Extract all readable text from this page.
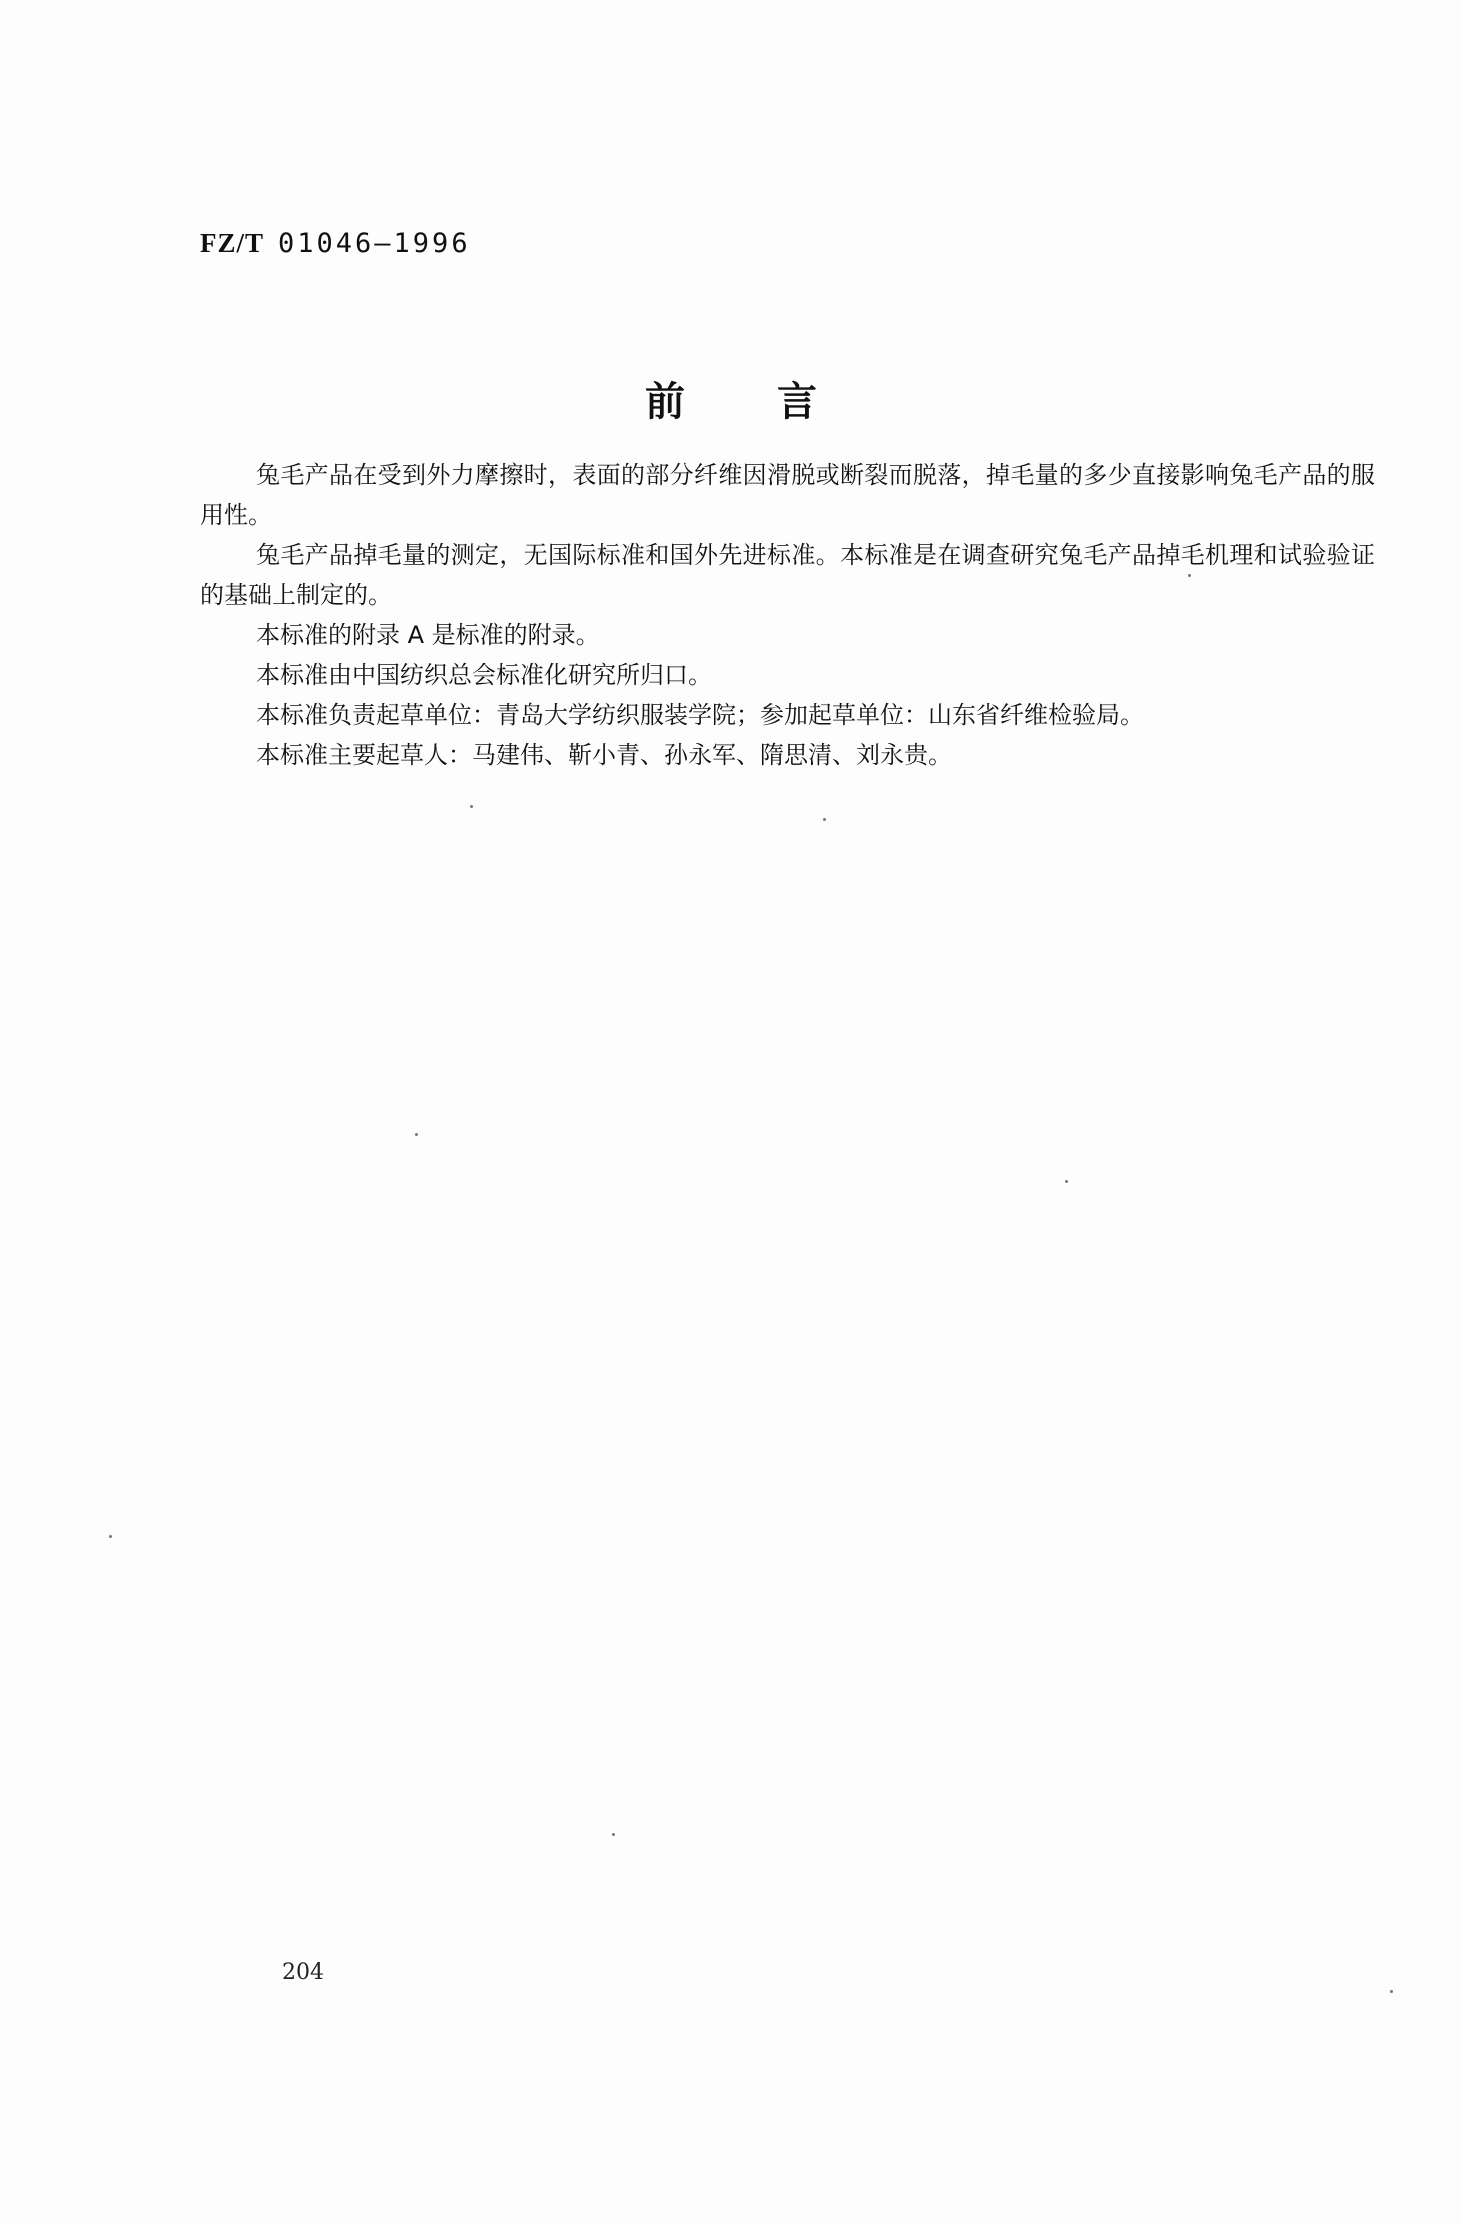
FZ/T 01046—1996
前言

兔毛产品在受到外力摩擦时，表面的部分纤维因滑脱或断裂而脱落，掉毛量的多少直接影响兔毛产品的服用性。

兔毛产品掉毛量的测定，无国际标准和国外先进标准。本标准是在调查研究兔毛产品掉毛机理和试验验证的基础上制定的。

本标准的附录 A 是标准的附录。

本标准由中国纺织总会标准化研究所归口。

本标准负责起草单位：青岛大学纺织服装学院；参加起草单位：山东省纤维检验局。

本标准主要起草人：马建伟、靳小青、孙永军、隋思清、刘永贵。

204
